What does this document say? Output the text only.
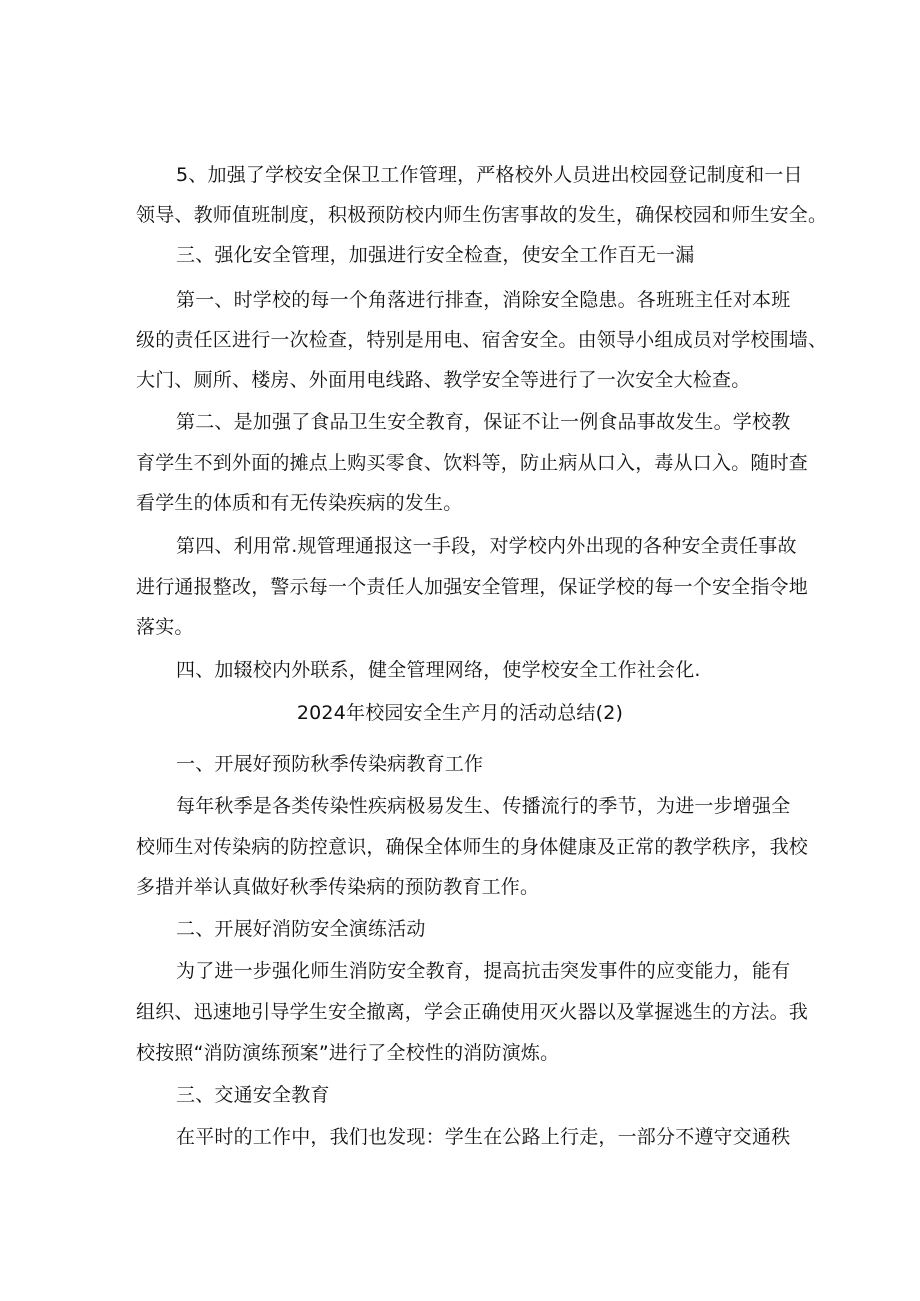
5、加强了学校安全保卫工作管理，严格校外人员进出校园登记制度和一日
领导、教师值班制度，积极预防校内师生伤害事故的发生，确保校园和师生安全。
三、强化安全管理，加强进行安全检查，使安全工作百无一漏
第一、时学校的每一个角落进行排查，消除安全隐患。各班班主任对本班
级的责任区进行一次检查，特别是用电、宿舍安全。由领导小组成员对学校围墙、
大门、厕所、楼房、外面用电线路、教学安全等进行了一次安全大检查。
第二、是加强了食品卫生安全教育，保证不让一例食品事故发生。学校教
育学生不到外面的摊点上购买零食、饮料等，防止病从口入，毒从口入。随时查
看学生的体质和有无传染疾病的发生。
第四、利用常.规管理通报这一手段，对学校内外出现的各种安全责任事故
进行通报整改，警示每一个责任人加强安全管理，保证学校的每一个安全指令地
落实。
四、加辍校内外联系，健全管理网络，使学校安全工作社会化.
2024年校园安全生产月的活动总结(2)
一、开展好预防秋季传染病教育工作
每年秋季是各类传染性疾病极易发生、传播流行的季节，为进一步增强全
校师生对传染病的防控意识，确保全体师生的身体健康及正常的教学秩序，我校
多措并举认真做好秋季传染病的预防教育工作。
二、开展好消防安全演练活动
为了进一步强化师生消防安全教育，提高抗击突发事件的应变能力，能有
组织、迅速地引导学生安全撤离，学会正确使用灭火器以及掌握逃生的方法。我
校按照“消防演练预案”进行了全校性的消防演炼。
三、交通安全教育
在平时的工作中，我们也发现：学生在公路上行走，一部分不遵守交通秩
